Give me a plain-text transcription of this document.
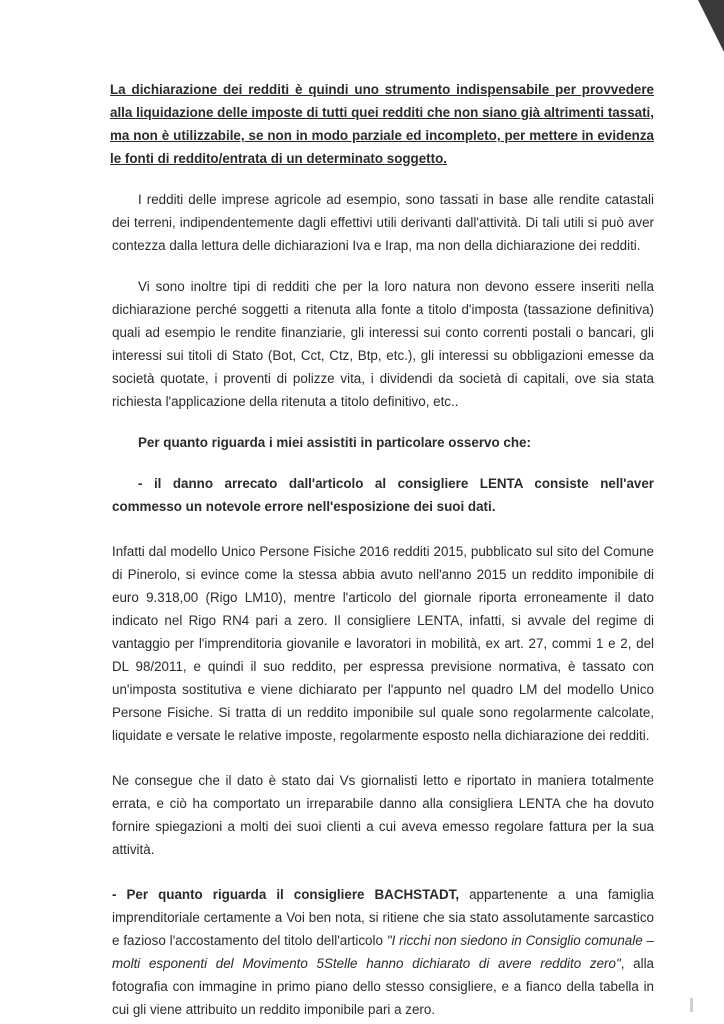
La dichiarazione dei redditi è quindi uno strumento indispensabile per provvedere alla liquidazione delle imposte di tutti quei redditi che non siano già altrimenti tassati, ma non è utilizzabile, se non in modo parziale ed incompleto, per mettere in evidenza le fonti di reddito/entrata di un determinato soggetto.

I redditi delle imprese agricole ad esempio, sono tassati in base alle rendite catastali dei terreni, indipendentemente dagli effettivi utili derivanti dall'attività. Di tali utili si può aver contezza dalla lettura delle dichiarazioni Iva e Irap, ma non della dichiarazione dei redditi.

Vi sono inoltre tipi di redditi che per la loro natura non devono essere inseriti nella dichiarazione perché soggetti a ritenuta alla fonte a titolo d'imposta (tassazione definitiva) quali ad esempio le rendite finanziarie, gli interessi sui conto correnti postali o bancari, gli interessi sui titoli di Stato (Bot, Cct, Ctz, Btp, etc.), gli interessi su obbligazioni emesse da società quotate, i proventi di polizze vita, i dividendi da società di capitali, ove sia stata richiesta l'applicazione della ritenuta a titolo definitivo, etc..

Per quanto riguarda i miei assistiti in particolare osservo che:

- il danno arrecato dall'articolo al consigliere LENTA consiste nell'aver commesso un notevole errore nell'esposizione dei suoi dati.

Infatti dal modello Unico Persone Fisiche 2016 redditi 2015, pubblicato sul sito del Comune di Pinerolo, si evince come la stessa abbia avuto nell'anno 2015 un reddito imponibile di euro 9.318,00 (Rigo LM10), mentre l'articolo del giornale riporta erroneamente il dato indicato nel Rigo RN4 pari a zero. Il consigliere LENTA, infatti, si avvale del regime di vantaggio per l'imprenditoria giovanile e lavoratori in mobilità, ex art. 27, commi 1 e 2, del DL 98/2011, e quindi il suo reddito, per espressa previsione normativa, è tassato con un'imposta sostitutiva e viene dichiarato per l'appunto nel quadro LM del modello Unico Persone Fisiche. Si tratta di un reddito imponibile sul quale sono regolarmente calcolate, liquidate e versate le relative imposte, regolarmente esposto nella dichiarazione dei redditi.

Ne consegue che il dato è stato dai Vs giornalisti letto e riportato in maniera totalmente errata, e ciò ha comportato un irreparabile danno alla consigliera LENTA che ha dovuto fornire spiegazioni a molti dei suoi clienti a cui aveva emesso regolare fattura per la sua attività.

- Per quanto riguarda il consigliere BACHSTADT, appartenente a una famiglia imprenditoriale certamente a Voi ben nota, si ritiene che sia stato assolutamente sarcastico e fazioso l'accostamento del titolo dell'articolo "I ricchi non siedono in Consiglio comunale – molti esponenti del Movimento 5Stelle hanno dichiarato di avere reddito zero", alla fotografia con immagine in primo piano dello stesso consigliere, e a fianco della tabella in cui gli viene attribuito un reddito imponibile pari a zero.
